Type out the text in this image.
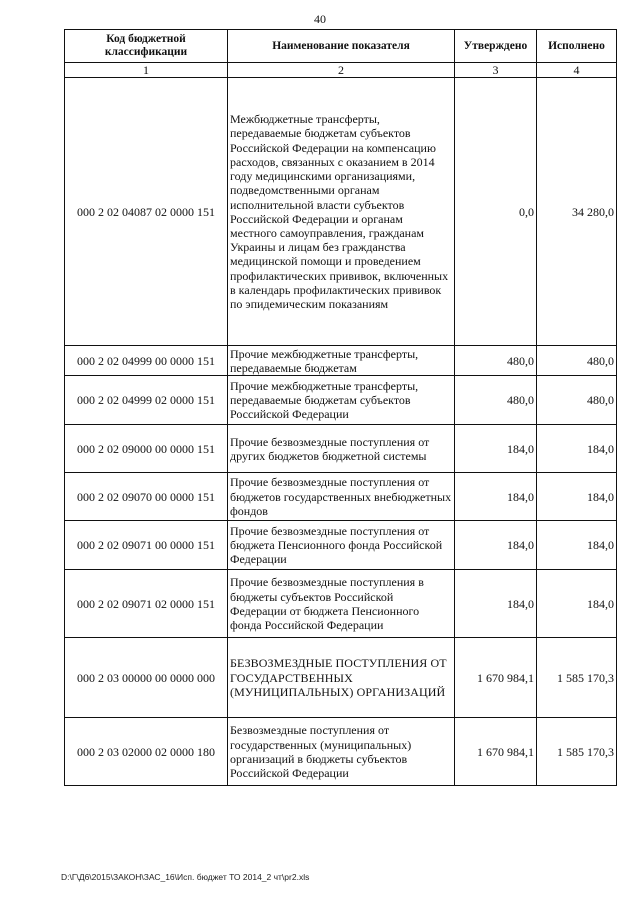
40
Код бюджетной классификации	Наименование показателя	Утверждено	Исполнено
1	2	3	4
000 2 02 04087 02 0000 151	Межбюджетные трансферты, передаваемые бюджетам субъектов Российской Федерации на компенсацию расходов, связанных с оказанием в 2014 году медицинскими организациями, подведомственными органам исполнительной власти субъектов Российской Федерации и органам местного самоуправления, гражданам Украины и лицам без гражданства медицинской помощи и проведением профилактических прививок, включенных в календарь профилактических прививок по эпидемическим показаниям	0,0	34 280,0
000 2 02 04999 00 0000 151	Прочие межбюджетные трансферты, передаваемые бюджетам	480,0	480,0
000 2 02 04999 02 0000 151	Прочие межбюджетные трансферты, передаваемые бюджетам субъектов Российской Федерации	480,0	480,0
000 2 02 09000 00 0000 151	Прочие безвозмездные поступления от других бюджетов бюджетной системы	184,0	184,0
000 2 02 09070 00 0000 151	Прочие безвозмездные поступления от бюджетов государственных внебюджетных фондов	184,0	184,0
000 2 02 09071 00 0000 151	Прочие безвозмездные поступления от бюджета Пенсионного фонда Российской Федерации	184,0	184,0
000 2 02 09071 02 0000 151	Прочие безвозмездные поступления в бюджеты субъектов Российской Федерации от бюджета Пенсионного фонда Российской Федерации	184,0	184,0
000 2 03 00000 00 0000 000	БЕЗВОЗМЕЗДНЫЕ ПОСТУПЛЕНИЯ ОТ ГОСУДАРСТВЕННЫХ (МУНИЦИПАЛЬНЫХ) ОРГАНИЗАЦИЙ	1 670 984,1	1 585 170,3
000 2 03 02000 02 0000 180	Безвозмездные поступления от государственных (муниципальных) организаций в бюджеты субъектов Российской Федерации	1 670 984,1	1 585 170,3
D:\Г\Д6\2015\ЗАКОН\ЗАС_16\Исп. бюджет ТО 2014_2 чт\pr2.xls
